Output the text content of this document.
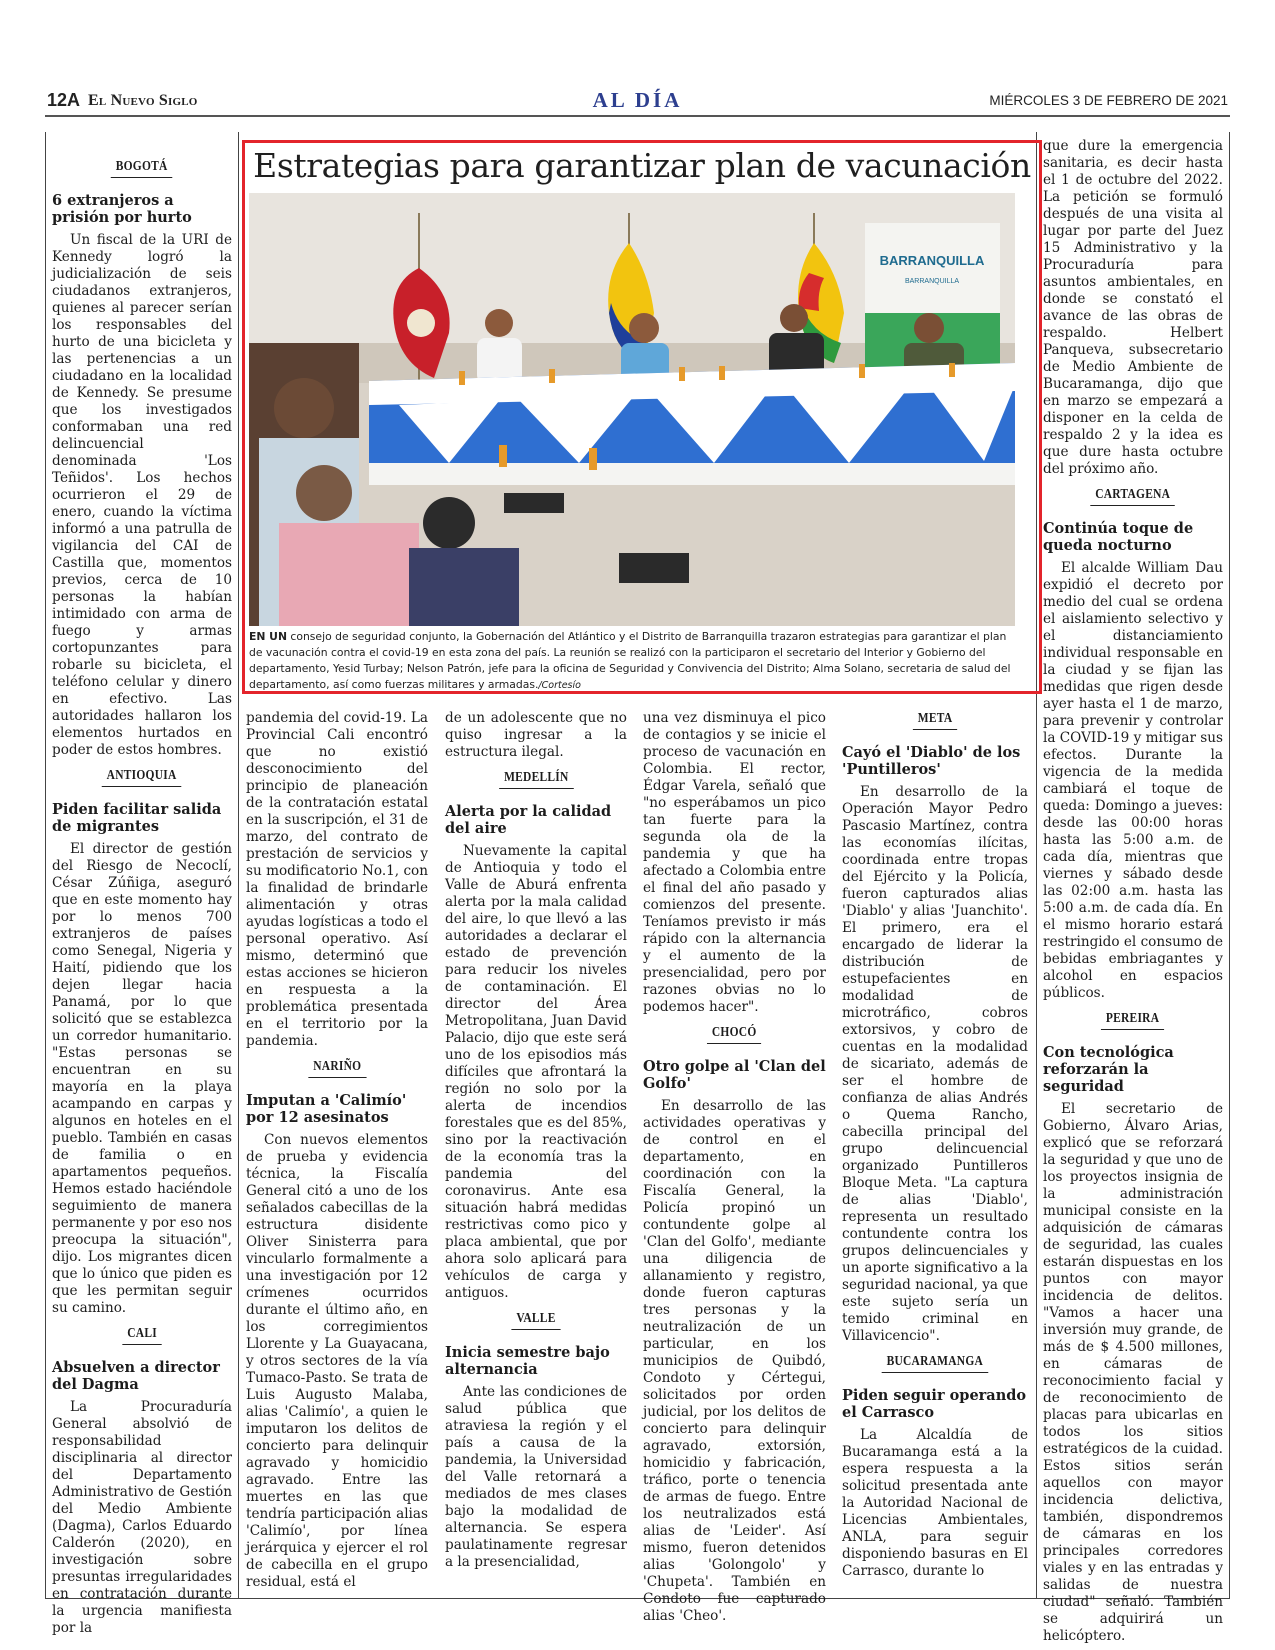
12A El Nuevo Siglo	AL DÍA	MIÉRCOLES 3 DE FEBRERO DE 2021
Estrategias para garantizar plan de vacunación
BARRANQUILLA
BARRANQUILLA
EN UN consejo de seguridad conjunto, la Gobernación del Atlántico y el Distrito de Barranquilla trazaron estrategias para garantizar el plan de vacunación contra el covid-19 en esta zona del país. La reunión se realizó con la participaron el secretario del Interior y Gobierno del departamento, Yesid Turbay; Nelson Patrón, jefe para la oficina de Seguridad y Convivencia del Distrito; Alma Solano, secretaria de salud del departamento, así como fuerzas militares y armadas./Cortesío
BOGOTÁ
6 extranjeros a prisión por hurto

Un fiscal de la URI de Kennedy logró la judicialización de seis ciudadanos extranjeros, quienes al parecer serían los responsables del hurto de una bicicleta y las pertenencias a un ciudadano en la localidad de Kennedy. Se presume que los investigados conformaban una red delincuencial denominada 'Los Teñidos'. Los hechos ocurrieron el 29 de enero, cuando la víctima informó a una patrulla de vigilancia del CAI de Castilla que, momentos previos, cerca de 10 personas la habían intimidado con arma de fuego y armas cortopunzantes para robarle su bicicleta, el teléfono celular y dinero en efectivo. Las autoridades hallaron los elementos hurtados en poder de estos hombres.

ANTIOQUIA
Piden facilitar salida de migrantes

El director de gestión del Riesgo de Necoclí, César Zúñiga, aseguró que en este momento hay por lo menos 700 extranjeros de países como Senegal, Nigeria y Haití, pidiendo que los dejen llegar hacia Panamá, por lo que solicitó que se establezca un corredor humanitario. "Estas personas se encuentran en su mayoría en la playa acampando en carpas y algunos en hoteles en el pueblo. También en casas de familia o en apartamentos pequeños. Hemos estado haciéndole seguimiento de manera permanente y por eso nos preocupa la situación", dijo. Los migrantes dicen que lo único que piden es que les permitan seguir su camino.

CALI
Absuelven a director del Dagma

La Procuraduría General absolvió de responsabilidad disciplinaria al director del Departamento Administrativo de Gestión del Medio Ambiente (Dagma), Carlos Eduardo Calderón (2020), en investigación sobre presuntas irregularidades en contratación durante la urgencia manifiesta por la

pandemia del covid-19. La Provincial Cali encontró que no existió desconocimiento del principio de planeación de la contratación estatal en la suscripción, el 31 de marzo, del contrato de prestación de servicios y su modificatorio No.1, con la finalidad de brindarle alimentación y otras ayudas logísticas a todo el personal operativo. Así mismo, determinó que estas acciones se hicieron en respuesta a la problemática presentada en el territorio por la pandemia.

NARIÑO
Imputan a 'Calimío' por 12 asesinatos

Con nuevos elementos de prueba y evidencia técnica, la Fiscalía General citó a uno de los señalados cabecillas de la estructura disidente Oliver Sinisterra para vincularlo formalmente a una investigación por 12 crímenes ocurridos durante el último año, en los corregimientos Llorente y La Guayacana, y otros sectores de la vía Tumaco-Pasto. Se trata de Luis Augusto Malaba, alias 'Calimío', a quien le imputaron los delitos de concierto para delinquir agravado y homicidio agravado. Entre las muertes en las que tendría participación alias 'Calimío', por línea jerárquica y ejercer el rol de cabecilla en el grupo residual, está el

de un adolescente que no quiso ingresar a la estructura ilegal.

MEDELLÍN
Alerta por la calidad del aire

Nuevamente la capital de Antioquia y todo el Valle de Aburá enfrenta alerta por la mala calidad del aire, lo que llevó a las autoridades a declarar el estado de prevención para reducir los niveles de contaminación. El director del Área Metropolitana, Juan David Palacio, dijo que este será uno de los episodios más difíciles que afrontará la región no solo por la alerta de incendios forestales que es del 85%, sino por la reactivación de la economía tras la pandemia del coronavirus. Ante esa situación habrá medidas restrictivas como pico y placa ambiental, que por ahora solo aplicará para vehículos de carga y antiguos.

VALLE
Inicia semestre bajo alternancia

Ante las condiciones de salud pública que atraviesa la región y el país a causa de la pandemia, la Universidad del Valle retornará a mediados de mes clases bajo la modalidad de alternancia. Se espera paulatinamente regresar a la presencialidad,

una vez disminuya el pico de contagios y se inicie el proceso de vacunación en Colombia. El rector, Édgar Varela, señaló que "no esperábamos un pico tan fuerte para la segunda ola de la pandemia y que ha afectado a Colombia entre el final del año pasado y comienzos del presente. Teníamos previsto ir más rápido con la alternancia y el aumento de la presencialidad, pero por razones obvias no lo podemos hacer".

CHOCÓ
Otro golpe al 'Clan del Golfo'

En desarrollo de las actividades operativas y de control en el departamento, en coordinación con la Fiscalía General, la Policía propinó un contundente golpe al 'Clan del Golfo', mediante una diligencia de allanamiento y registro, donde fueron capturas tres personas y la neutralización de un particular, en los municipios de Quibdó, Condoto y Cértegui, solicitados por orden judicial, por los delitos de concierto para delinquir agravado, extorsión, homicidio y fabricación, tráfico, porte o tenencia de armas de fuego. Entre los neutralizados está alias de 'Leider'. Así mismo, fueron detenidos alias 'Golongolo' y 'Chupeta'. También en Condoto fue capturado alias 'Cheo'.

META
Cayó el 'Diablo' de los 'Puntilleros'

En desarrollo de la Operación Mayor Pedro Pascasio Martínez, contra las economías ilícitas, coordinada entre tropas del Ejército y la Policía, fueron capturados alias 'Diablo' y alias 'Juanchito'. El primero, era el encargado de liderar la distribución de estupefacientes en modalidad de microtráfico, cobros extorsivos, y cobro de cuentas en la modalidad de sicariato, además de ser el hombre de confianza de alias Andrés o Quema Rancho, cabecilla principal del grupo delincuencial organizado Puntilleros Bloque Meta. "La captura de alias 'Diablo', representa un resultado contundente contra los grupos delincuenciales y un aporte significativo a la seguridad nacional, ya que este sujeto sería un temido criminal en Villavicencio".

BUCARAMANGA
Piden seguir operando el Carrasco

La Alcaldía de Bucaramanga está a la espera respuesta a la solicitud presentada ante la Autoridad Nacional de Licencias Ambientales, ANLA, para seguir disponiendo basuras en El Carrasco, durante lo

que dure la emergencia sanitaria, es decir hasta el 1 de octubre del 2022. La petición se formuló después de una visita al lugar por parte del Juez 15 Administrativo y la Procuraduría para asuntos ambientales, en donde se constató el avance de las obras de respaldo. Helbert Panqueva, subsecretario de Medio Ambiente de Bucaramanga, dijo que en marzo se empezará a disponer en la celda de respaldo 2 y la idea es que dure hasta octubre del próximo año.

CARTAGENA
Continúa toque de queda nocturno

El alcalde William Dau expidió el decreto por medio del cual se ordena el aislamiento selectivo y el distanciamiento individual responsable en la ciudad y se fijan las medidas que rigen desde ayer hasta el 1 de marzo, para prevenir y controlar la COVID-19 y mitigar sus efectos. Durante la vigencia de la medida cambiará el toque de queda: Domingo a jueves: desde las 00:00 horas hasta las 5:00 a.m. de cada día, mientras que viernes y sábado desde las 02:00 a.m. hasta las 5:00 a.m. de cada día. En el mismo horario estará restringido el consumo de bebidas embriagantes y alcohol en espacios públicos.

PEREIRA
Con tecnológica reforzarán la seguridad

El secretario de Gobierno, Álvaro Arias, explicó que se reforzará la seguridad y que uno de los proyectos insignia de la administración municipal consiste en la adquisición de cámaras de seguridad, las cuales estarán dispuestas en los puntos con mayor incidencia de delitos. "Vamos a hacer una inversión muy grande, de más de $ 4.500 millones, en cámaras de reconocimiento facial y de reconocimiento de placas para ubicarlas en todos los sitios estratégicos de la cuidad. Estos sitios serán aquellos con mayor incidencia delictiva, también, dispondremos de cámaras en los principales corredores viales y en las entradas y salidas de nuestra ciudad" señaló. También se adquirirá un helicóptero.
